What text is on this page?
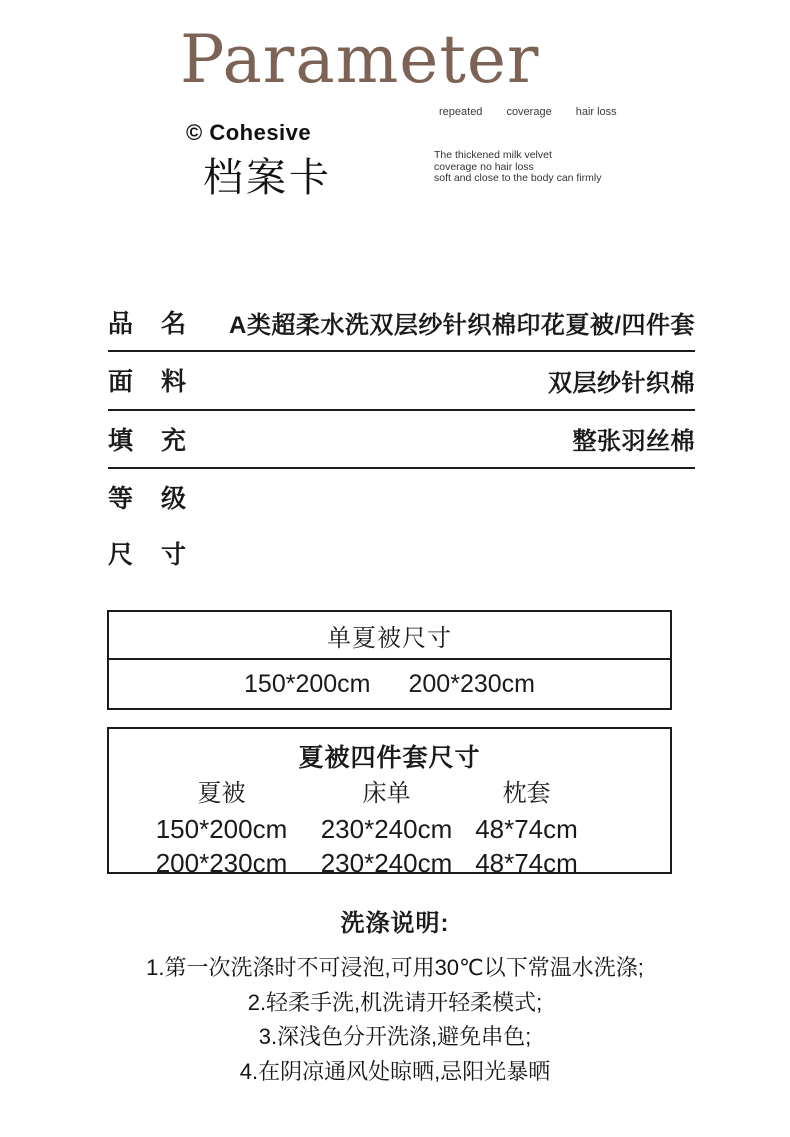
Parameter
© Cohesive
档案卡
repeated coverage hair loss
The thickened milk velvet
coverage no hair loss
soft and close to the body can firmly
品 名 A类超柔水洗双层纱针织棉印花夏被/四件套
面 料	双层纱针织棉
填 充	整张羽丝棉
等 级
尺 寸
单夏被尺寸
150*200cm 200*230cm
夏被四件套尺寸
夏被	床单	枕套
150*200cm	230*240cm 48*74cm
200*230cm	230*240cm 48*74cm
洗涤说明:
1.第一次洗涤时不可浸泡,可用30℃以下常温水洗涤;
2.轻柔手洗,机洗请开轻柔模式;
3.深浅色分开洗涤,避免串色;
4.在阴凉通风处晾晒,忌阳光暴晒
